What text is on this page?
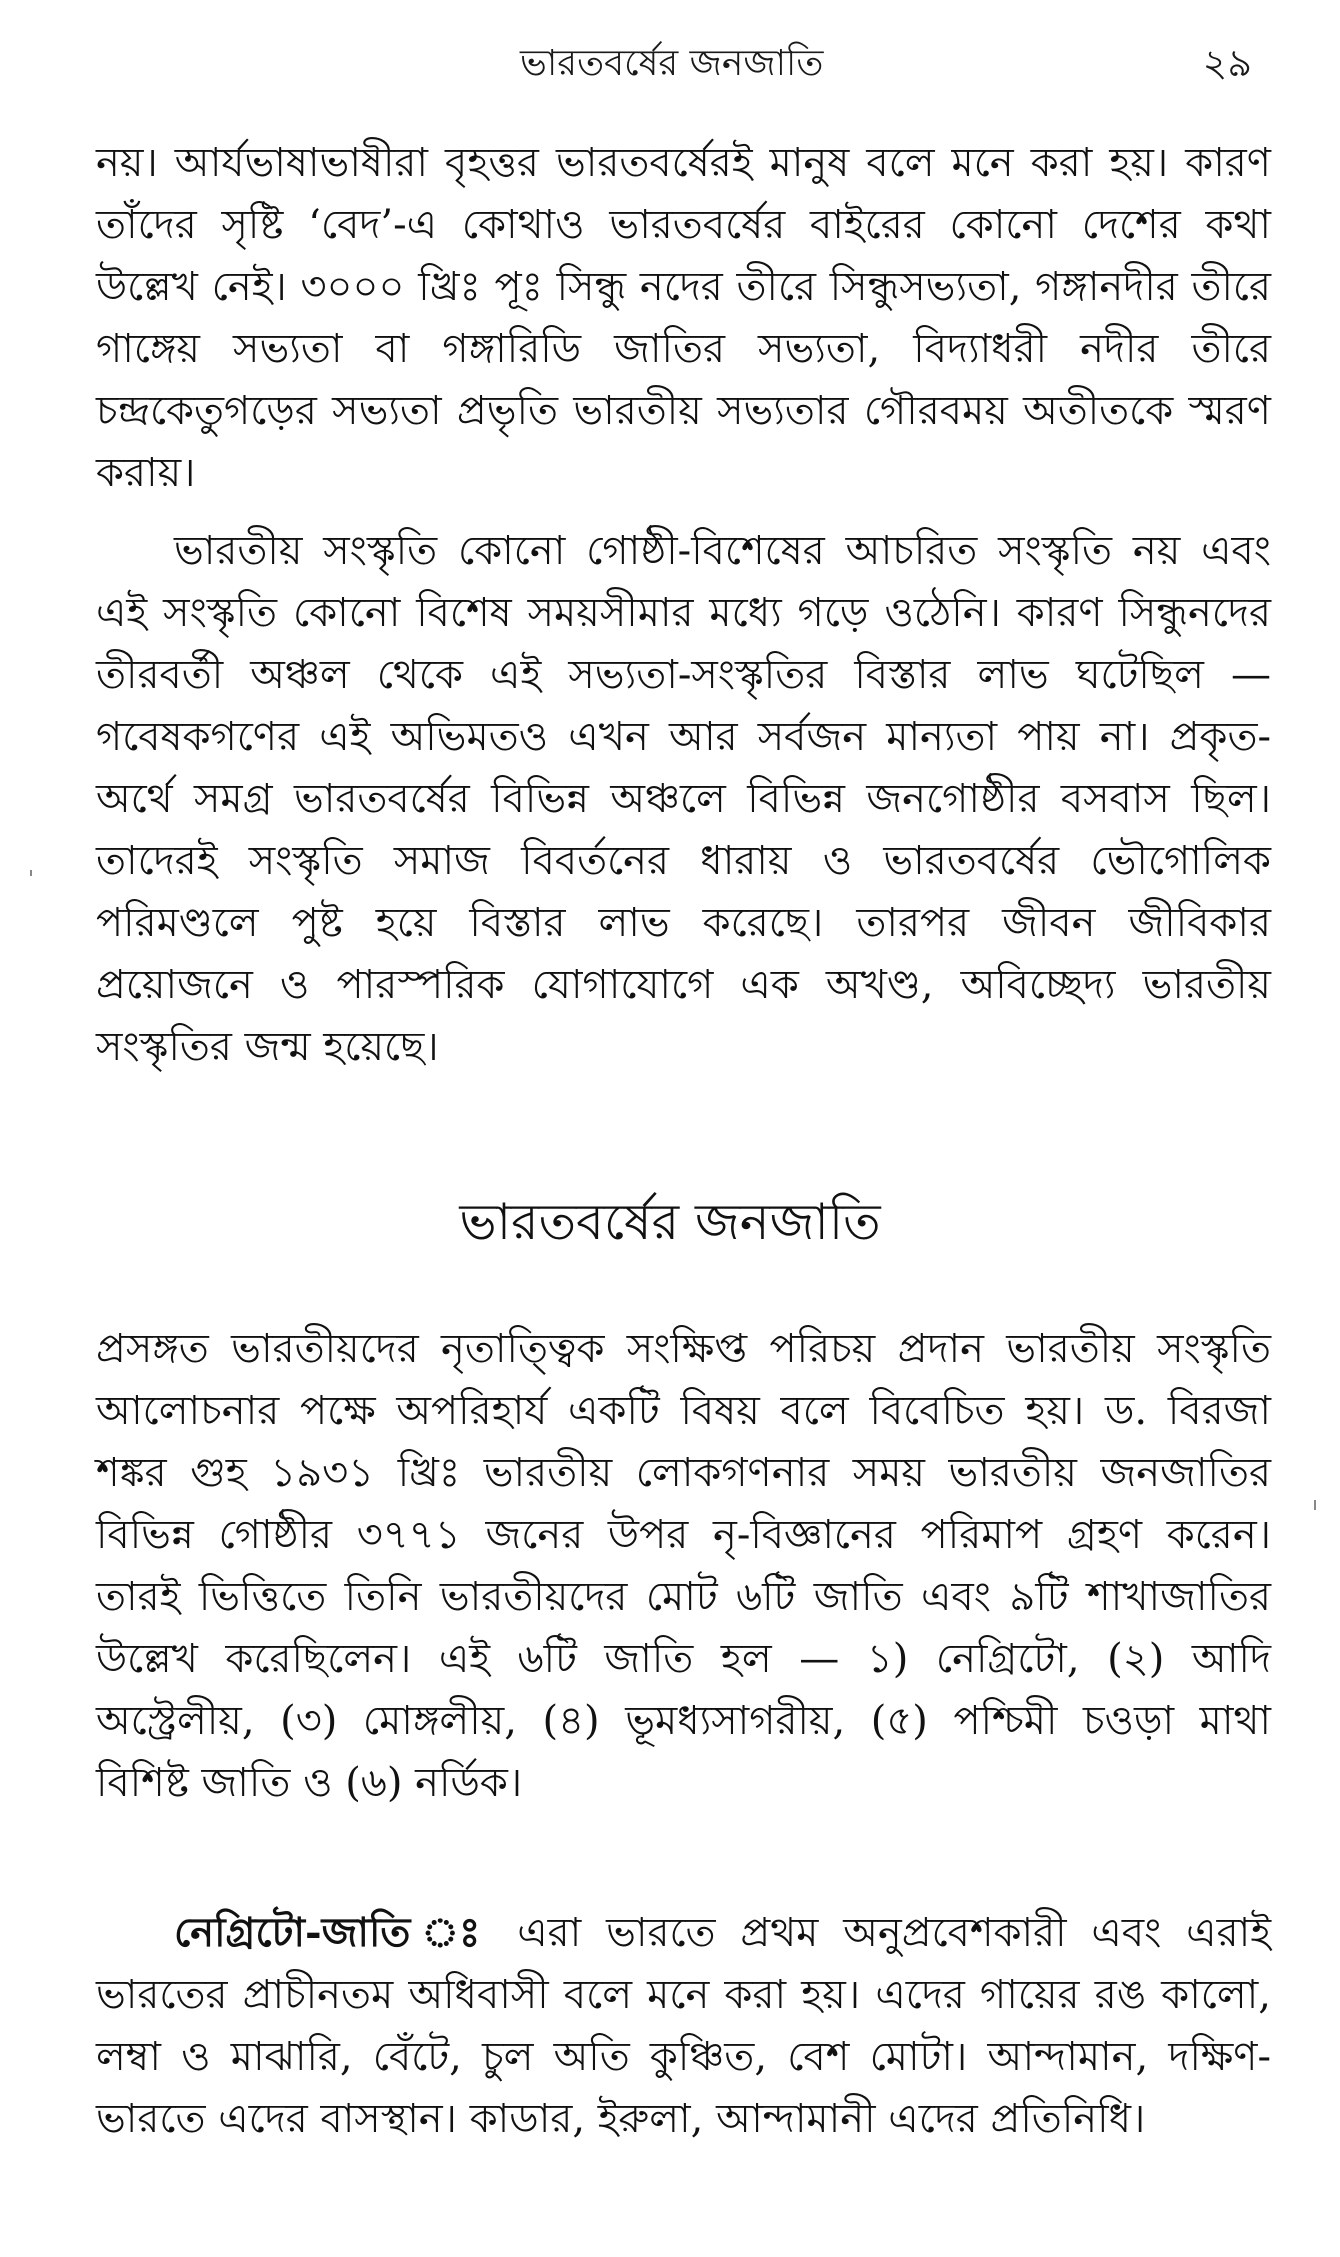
ভারতবর্ষের জনজাতি	২৯

নয়। আর্যভাষাভাষীরা বৃহত্তর ভারতবর্ষেরই মানুষ বলে মনে করা হয়। কারণ তাঁদের সৃষ্টি ‘বেদ’-এ কোথাও ভারতবর্ষের বাইরের কোনো দেশের কথা উল্লেখ নেই। ৩০০০ খ্রিঃ পূঃ সিন্ধু নদের তীরে সিন্ধুসভ্যতা, গঙ্গানদীর তীরে গাঙ্গেয় সভ্যতা বা গঙ্গারিডি জাতির সভ্যতা, বিদ্যাধরী নদীর তীরে চন্দ্রকেতুগড়ের সভ্যতা প্রভৃতি ভারতীয় সভ্যতার গৌরবময় অতীতকে স্মরণ করায়।

ভারতীয় সংস্কৃতি কোনো গোষ্ঠী-বিশেষের আচরিত সংস্কৃতি নয় এবং এই সংস্কৃতি কোনো বিশেষ সময়সীমার মধ্যে গড়ে ওঠেনি। কারণ সিন্ধুনদের তীরবর্তী অঞ্চল থেকে এই সভ্যতা-সংস্কৃতির বিস্তার লাভ ঘটেছিল — গবেষকগণের এই অভিমতও এখন আর সর্বজন মান্যতা পায় না। প্রকৃত-অর্থে সমগ্র ভারতবর্ষের বিভিন্ন অঞ্চলে বিভিন্ন জনগোষ্ঠীর বসবাস ছিল। তাদেরই সংস্কৃতি সমাজ বিবর্তনের ধারায় ও ভারতবর্ষের ভৌগোলিক পরিমণ্ডলে পুষ্ট হয়ে বিস্তার লাভ করেছে। তারপর জীবন জীবিকার প্রয়োজনে ও পারস্পরিক যোগাযোগে এক অখণ্ড, অবিচ্ছেদ্য ভারতীয় সংস্কৃতির জন্ম হয়েছে।

ভারতবর্ষের জনজাতি

প্রসঙ্গত ভারতীয়দের নৃতাত্ত্বিক সংক্ষিপ্ত পরিচয় প্রদান ভারতীয় সংস্কৃতি আলোচনার পক্ষে অপরিহার্য একটি বিষয় বলে বিবেচিত হয়। ড. বিরজা শঙ্কর গুহ ১৯৩১ খ্রিঃ ভারতীয় লোকগণনার সময় ভারতীয় জনজাতির বিভিন্ন গোষ্ঠীর ৩৭৭১ জনের উপর নৃ-বিজ্ঞানের পরিমাপ গ্রহণ করেন। তারই ভিত্তিতে তিনি ভারতীয়দের মোট ৬টি জাতি এবং ৯টি শাখাজাতির উল্লেখ করেছিলেন। এই ৬টি জাতি হল — ১) নেগ্রিটো, (২) আদি অস্ট্রেলীয়, (৩) মোঙ্গলীয়, (৪) ভূমধ্যসাগরীয়, (৫) পশ্চিমী চওড়া মাথা বিশিষ্ট জাতি ও (৬) নর্ডিক।

নেগ্রিটো-জাতি ঃ এরা ভারতে প্রথম অনুপ্রবেশকারী এবং এরাই ভারতের প্রাচীনতম অধিবাসী বলে মনে করা হয়। এদের গায়ের রঙ কালো, লম্বা ও মাঝারি, বেঁটে, চুল অতি কুঞ্চিত, বেশ মোটা। আন্দামান, দক্ষিণ-ভারতে এদের বাসস্থান। কাডার, ইরুলা, আন্দামানী এদের প্রতিনিধি।
